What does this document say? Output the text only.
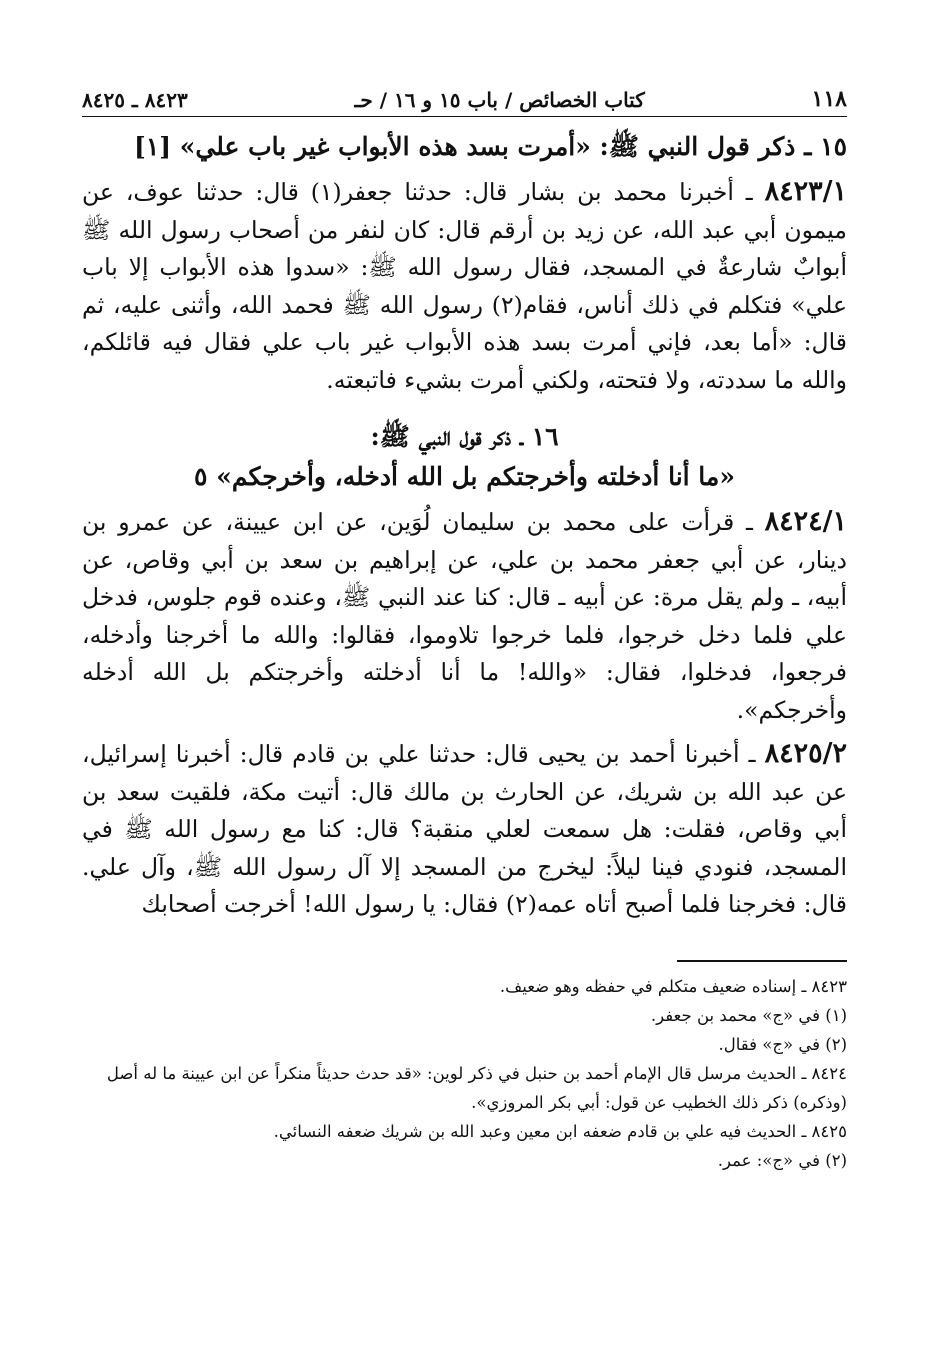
١١٨
كتاب الخصائص / باب ١٥ و ١٦ / حـ
٨٤٢٣ ـ ٨٤٢٥
١٥ ـ ذكر قول النبي ﷺ: «أمرت بسد هذه الأبواب غير باب علي» [١]

٨٤٢٣/١ ـ أخبرنا محمد بن بشار قال: حدثنا جعفر(١) قال: حدثنا عوف، عن ميمون أبي عبد الله، عن زيد بن أرقم قال: كان لنفر من أصحاب رسول الله ﷺ أبوابٌ شارعةٌ في المسجد، فقال رسول الله ﷺ: «سدوا هذه الأبواب إلا باب علي» فتكلم في ذلك أناس، فقام(٢) رسول الله ﷺ فحمد الله، وأثنى عليه، ثم قال: «أما بعد، فإني أمرت بسد هذه الأبواب غير باب علي فقال فيه قائلكم، والله ما سددته، ولا فتحته، ولكني أمرت بشيء فاتبعته.

١٦ ـ ذكر قول النبي ﷺ:
«ما أنا أدخلته وأخرجتكم بل الله أدخله، وأخرجكم» ٥

٨٤٢٤/١ ـ قرأت على محمد بن سليمان لُوَين، عن ابن عيينة، عن عمرو بن دينار، عن أبي جعفر محمد بن علي، عن إبراهيم بن سعد بن أبي وقاص، عن أبيه، ـ ولم يقل مرة: عن أبيه ـ قال: كنا عند النبي ﷺ، وعنده قوم جلوس، فدخل علي فلما دخل خرجوا، فلما خرجوا تلاوموا، فقالوا: والله ما أخرجنا وأدخله، فرجعوا، فدخلوا، فقال: «والله! ما أنا أدخلته وأخرجتكم بل الله أدخله وأخرجكم».

٨٤٢٥/٢ ـ أخبرنا أحمد بن يحيى قال: حدثنا علي بن قادم قال: أخبرنا إسرائيل، عن عبد الله بن شريك، عن الحارث بن مالك قال: أتيت مكة، فلقيت سعد بن أبي وقاص، فقلت: هل سمعت لعلي منقبة؟ قال: كنا مع رسول الله ﷺ في المسجد، فنودي فينا ليلاً: ليخرج من المسجد إلا آل رسول الله ﷺ، وآل علي. قال: فخرجنا فلما أصبح أتاه عمه(٢) فقال: يا رسول الله! أخرجت أصحابك

٨٤٢٣ ـ إسناده ضعيف متكلم في حفظه وهو ضعيف.

(١) في «ج» محمد بن جعفر.

(٢) في «ج» فقال.

٨٤٢٤ ـ الحديث مرسل قال الإمام أحمد بن حنبل في ذكر لوين: «قد حدث حديثاً منكراً عن ابن عيينة ما له أصل (وذكره) ذكر ذلك الخطيب عن قول: أبي بكر المروزي».

٨٤٢٥ ـ الحديث فيه علي بن قادم ضعفه ابن معين وعبد الله بن شريك ضعفه النسائي.

(٢) في «ج»: عمر.
